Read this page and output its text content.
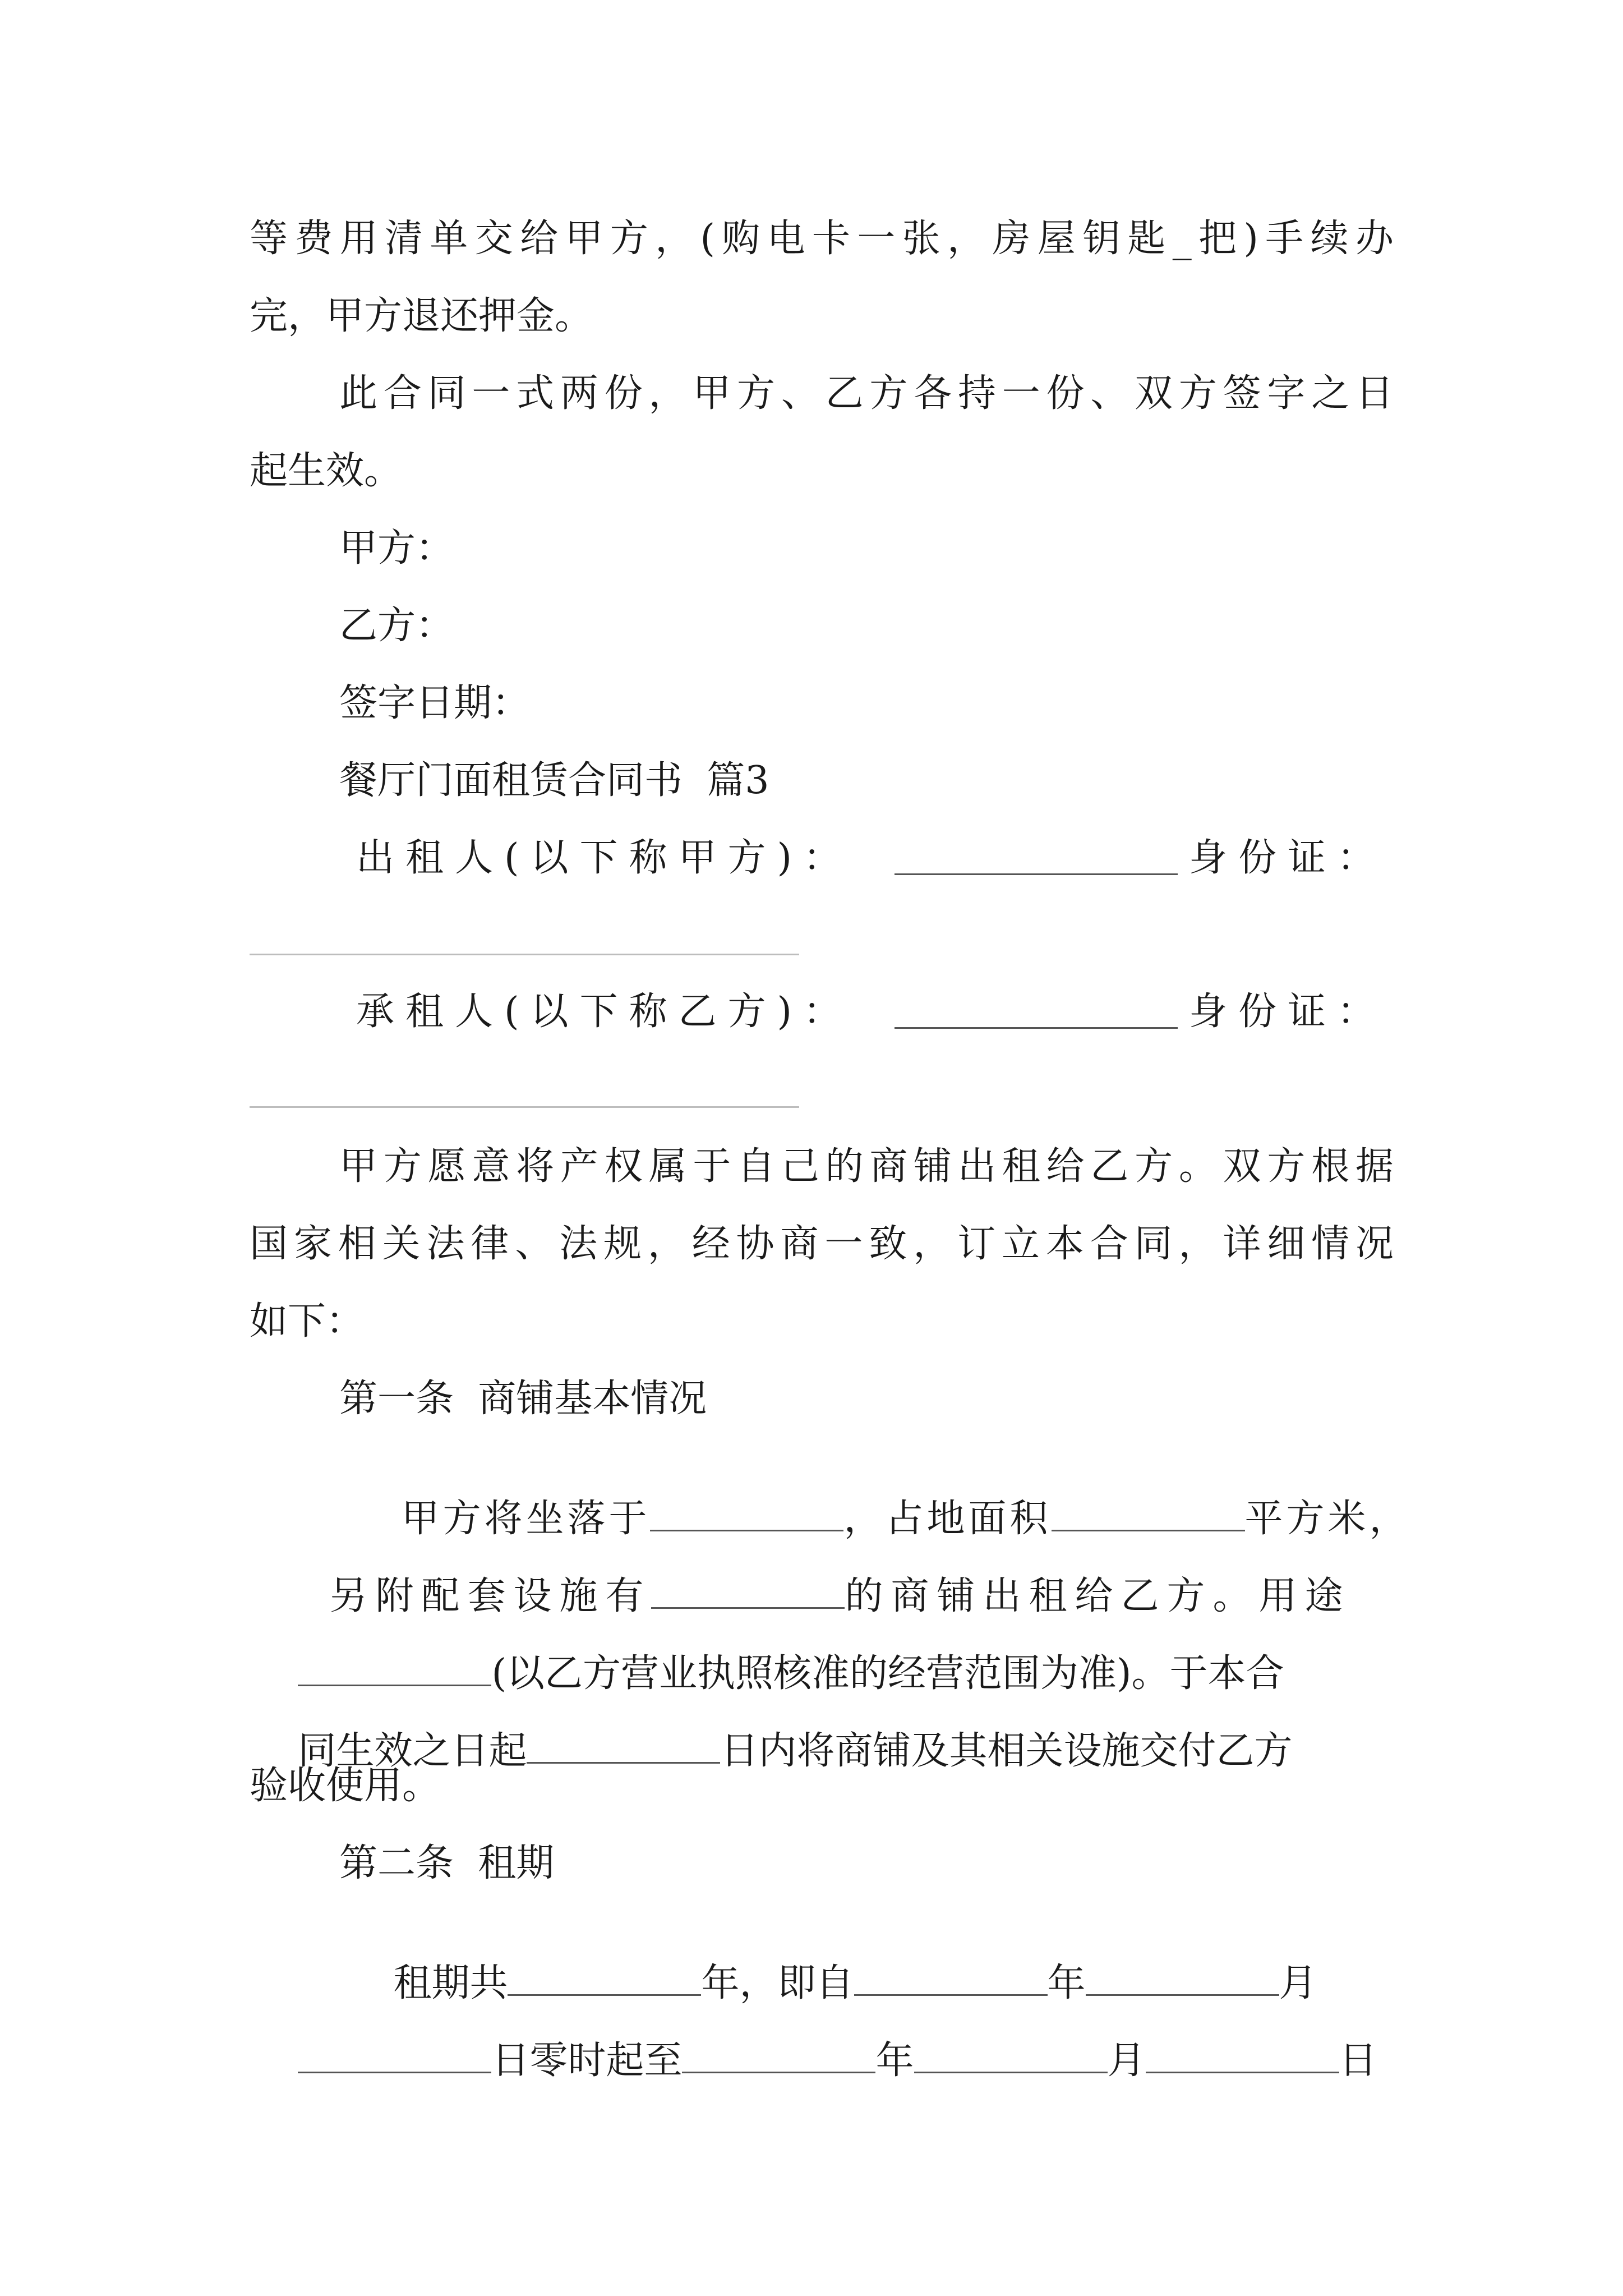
等费用清单交给甲方，(购电卡一张，房屋钥匙_把)手续办
完，甲方退还押金。
此合同一式两份，甲方、乙方各持一份、双方签字之日
起生效。
甲方：
乙方：
签字日期：
餐厅门面租赁合同书  篇3
出租人(以下称甲方)：	身份证：
承租人(以下称乙方)：	身份证：
甲方愿意将产权属于自己的商铺出租给乙方。双方根据
国家相关法律、法规，经协商一致，订立本合同，详细情况
如下：
第一条  商铺基本情况

甲方将坐落于	，占地面积	平方米，

另附配套设施有	的商铺出租给乙方。用途

(以乙方营业执照核准的经营范围为准)。于本合

同生效之日起	日内将商铺及其相关设施交付乙方

验收使用。
第二条  租期

租期共	年，即自	年	月

日零时起至	年	月	日
